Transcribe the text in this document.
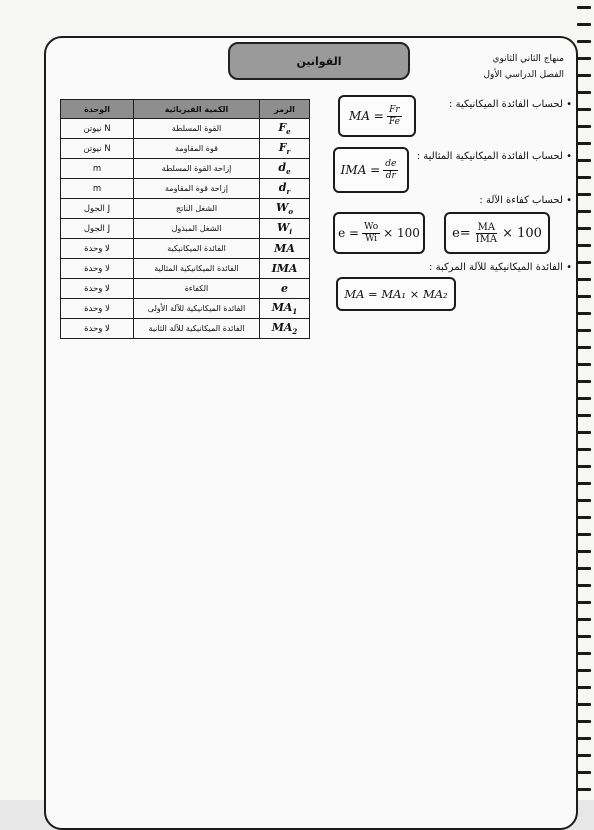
القوانين	منهاج الثاني الثانوي
الفصل الدراسي الأول
الوحدة	الكمية الفيزيائية	الرمز
نيوتن N	القوة المسلطة	$F_e$
نيوتن N	قوة المقاومة	$F_r$
m	إزاحة القوة المسلطة	$d_e$
m	إزاحة قوة المقاومة	$d_r$
الجول J	الشغل الناتج	$W_o$
الجول J	الشغل المبذول	$W_i$
لا وحدة	الفائدة الميكانيكية	MA
لا وحدة	الفائدة الميكانيكية المثالية	IMA
لا وحدة	الكفاءة	e
لا وحدة	الفائدة الميكانيكية للآلة الأولى	$MA_1$
لا وحدة	الفائدة الميكانيكية للآلة الثانية	$MA_2$
• لحساب الفائدة الميكانيكية :
MA = $\frac{Fr}{Fe}$
• لحساب الفائدة الميكانيكية المثالية :
IMA = $\frac{de}{dr}$
• لحساب كفاءة الآلة :
$e = \frac{Wo}{Wi} \times 100$ $e= \frac{MA}{\text{IMA}} \times 100$
• الفائدة الميكانيكية للآلة المركبة :
MA = MA₁ × MA₂
